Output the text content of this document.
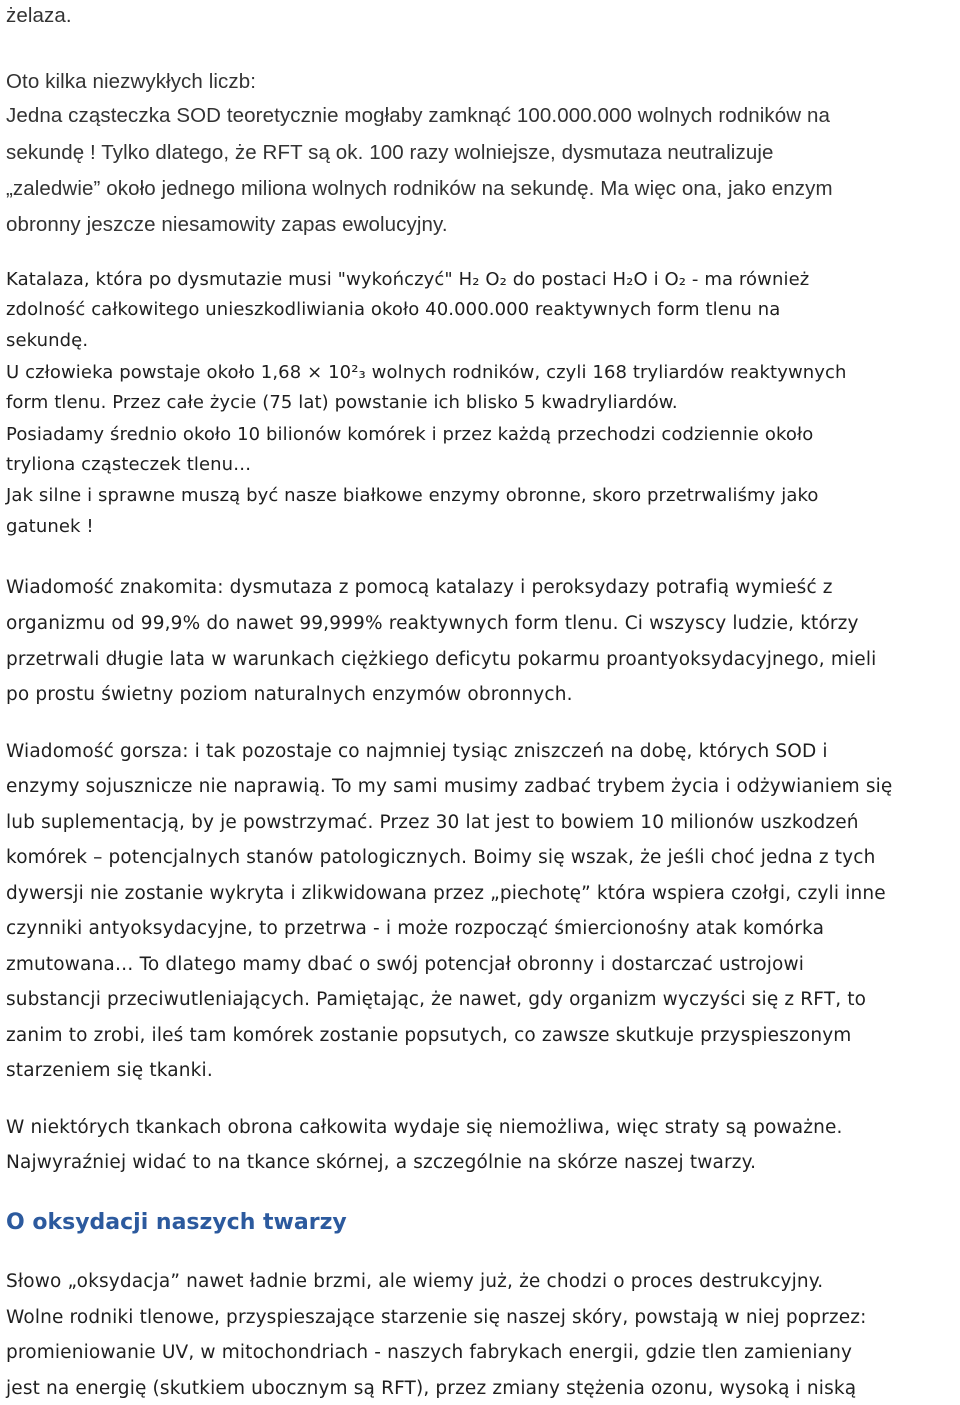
żelaza.
Oto kilka niezwykłych liczb:
Jedna cząsteczka SOD teoretycznie mogłaby zamknąć 100.000.000 wolnych rodników na
sekundę ! Tylko dlatego, że RFT są ok. 100 razy wolniejsze, dysmutaza neutralizuje
„zaledwie” około jednego miliona wolnych rodników na sekundę. Ma więc ona, jako enzym
obronny jeszcze niesamowity zapas ewolucyjny.
Katalaza, która po dysmutazie musi "wykończyć" H₂ O₂ do postaci H₂O i O₂ - ma również
zdolność całkowitego unieszkodliwiania około 40.000.000 reaktywnych form tlenu na
sekundę.
U człowieka powstaje około 1,68 × 10²₃ wolnych rodników, czyli 168 tryliardów reaktywnych
form tlenu. Przez całe życie (75 lat) powstanie ich blisko 5 kwadryliardów.
Posiadamy średnio około 10 bilionów komórek i przez każdą przechodzi codziennie około
tryliona cząsteczek tlenu…
Jak silne i sprawne muszą być nasze białkowe enzymy obronne, skoro przetrwaliśmy jako
gatunek !
Wiadomość znakomita: dysmutaza z pomocą katalazy i peroksydazy potrafią wymieść z
organizmu od 99,9% do nawet 99,999% reaktywnych form tlenu. Ci wszyscy ludzie, którzy
przetrwali długie lata w warunkach ciężkiego deficytu pokarmu proantyoksydacyjnego, mieli
po prostu świetny poziom naturalnych enzymów obronnych.
Wiadomość gorsza: i tak pozostaje co najmniej tysiąc zniszczeń na dobę, których SOD i
enzymy sojusznicze nie naprawią. To my sami musimy zadbać trybem życia i odżywianiem się
lub suplementacją, by je powstrzymać. Przez 30 lat jest to bowiem 10 milionów uszkodzeń
komórek – potencjalnych stanów patologicznych. Boimy się wszak, że jeśli choć jedna z tych
dywersji nie zostanie wykryta i zlikwidowana przez „piechotę” która wspiera czołgi, czyli inne
czynniki antyoksydacyjne, to przetrwa - i może rozpocząć śmiercionośny atak komórka
zmutowana… To dlatego mamy dbać o swój potencjał obronny i dostarczać ustrojowi
substancji przeciwutleniających. Pamiętając, że nawet, gdy organizm wyczyści się z RFT, to
zanim to zrobi, ileś tam komórek zostanie popsutych, co zawsze skutkuje przyspieszonym
starzeniem się tkanki.
W niektórych tkankach obrona całkowita wydaje się niemożliwa, więc straty są poważne.
Najwyraźniej widać to na tkance skórnej, a szczególnie na skórze naszej twarzy.
O oksydacji naszych twarzy
Słowo „oksydacja” nawet ładnie brzmi, ale wiemy już, że chodzi o proces destrukcyjny.
Wolne rodniki tlenowe, przyspieszające starzenie się naszej skóry, powstają w niej poprzez:
promieniowanie UV, w mitochondriach - naszych fabrykach energii, gdzie tlen zamieniany
jest na energię (skutkiem ubocznym są RFT), przez zmiany stężenia ozonu, wysoką i niską
